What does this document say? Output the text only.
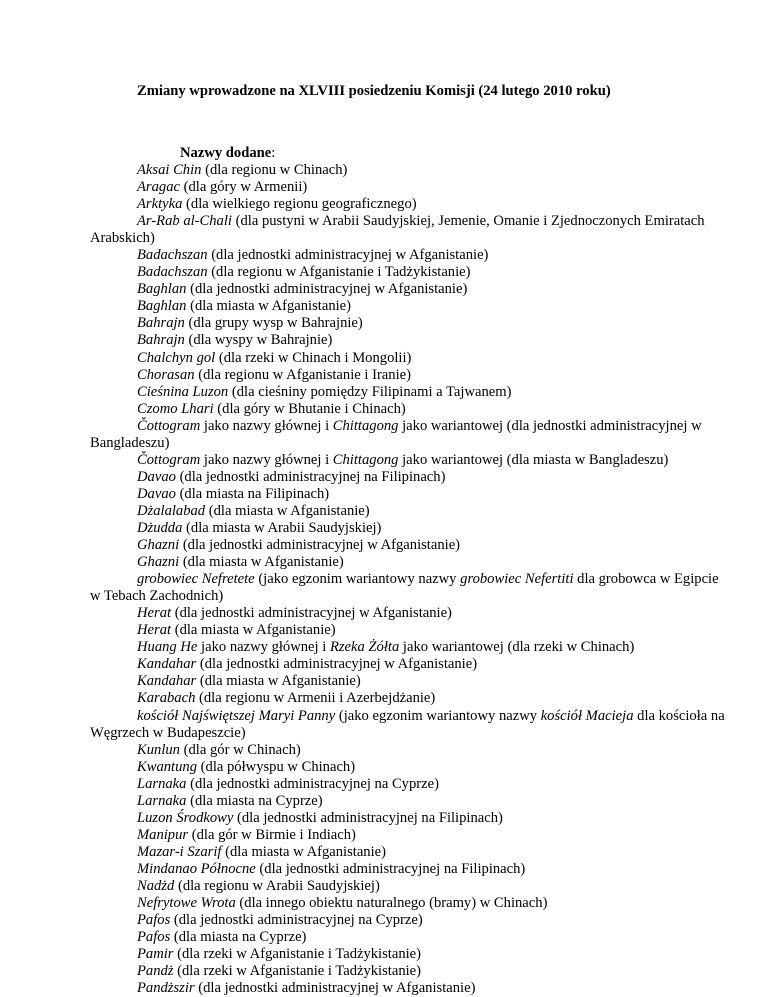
Zmiany wprowadzone na XLVIII posiedzeniu Komisji (24 lutego 2010 roku)
Nazwy dodane:

Aksai Chin (dla regionu w Chinach)

Aragac (dla góry w Armenii)

Arktyka (dla wielkiego regionu geograficznego)

Ar-Rab al-Chali (dla pustyni w Arabii Saudyjskiej, Jemenie, Omanie i Zjednoczonych Emiratach Arabskich)

Badachszan (dla jednostki administracyjnej w Afganistanie)

Badachszan (dla regionu w Afganistanie i Tadżykistanie)

Baghlan (dla jednostki administracyjnej w Afganistanie)

Baghlan (dla miasta w Afganistanie)

Bahrajn (dla grupy wysp w Bahrajnie)

Bahrajn (dla wyspy w Bahrajnie)

Chalchyn gol (dla rzeki w Chinach i Mongolii)

Chorasan (dla regionu w Afganistanie i Iranie)

Cieśnina Luzon (dla cieśniny pomiędzy Filipinami a Tajwanem)

Czomo Lhari (dla góry w Bhutanie i Chinach)

Čottogram jako nazwy głównej i Chittagong jako wariantowej (dla jednostki administracyjnej w Bangladeszu)

Čottogram jako nazwy głównej i Chittagong jako wariantowej (dla miasta w Bangladeszu)

Davao (dla jednostki administracyjnej na Filipinach)

Davao (dla miasta na Filipinach)

Dżalalabad (dla miasta w Afganistanie)

Dżudda (dla miasta w Arabii Saudyjskiej)

Ghazni (dla jednostki administracyjnej w Afganistanie)

Ghazni (dla miasta w Afganistanie)

grobowiec Nefretete (jako egzonim wariantowy nazwy grobowiec Nefertiti dla grobowca w Egipcie w Tebach Zachodnich)

Herat (dla jednostki administracyjnej w Afganistanie)

Herat (dla miasta w Afganistanie)

Huang He jako nazwy głównej i Rzeka Żółta jako wariantowej (dla rzeki w Chinach)

Kandahar (dla jednostki administracyjnej w Afganistanie)

Kandahar (dla miasta w Afganistanie)

Karabach (dla regionu w Armenii i Azerbejdżanie)

kościół Najświętszej Maryi Panny (jako egzonim wariantowy nazwy kościół Macieja dla kościoła na Węgrzech w Budapeszcie)

Kunlun (dla gór w Chinach)

Kwantung (dla półwyspu w Chinach)

Larnaka (dla jednostki administracyjnej na Cyprze)

Larnaka (dla miasta na Cyprze)

Luzon Środkowy (dla jednostki administracyjnej na Filipinach)

Manipur (dla gór w Birmie i Indiach)

Mazar-i Szarif (dla miasta w Afganistanie)

Mindanao Północne (dla jednostki administracyjnej na Filipinach)

Nadżd (dla regionu w Arabii Saudyjskiej)

Nefrytowe Wrota (dla innego obiektu naturalnego (bramy) w Chinach)

Pafos (dla jednostki administracyjnej na Cyprze)

Pafos (dla miasta na Cyprze)

Pamir (dla rzeki w Afganistanie i Tadżykistanie)

Pandż (dla rzeki w Afganistanie i Tadżykistanie)

Pandższir (dla jednostki administracyjnej w Afganistanie)
